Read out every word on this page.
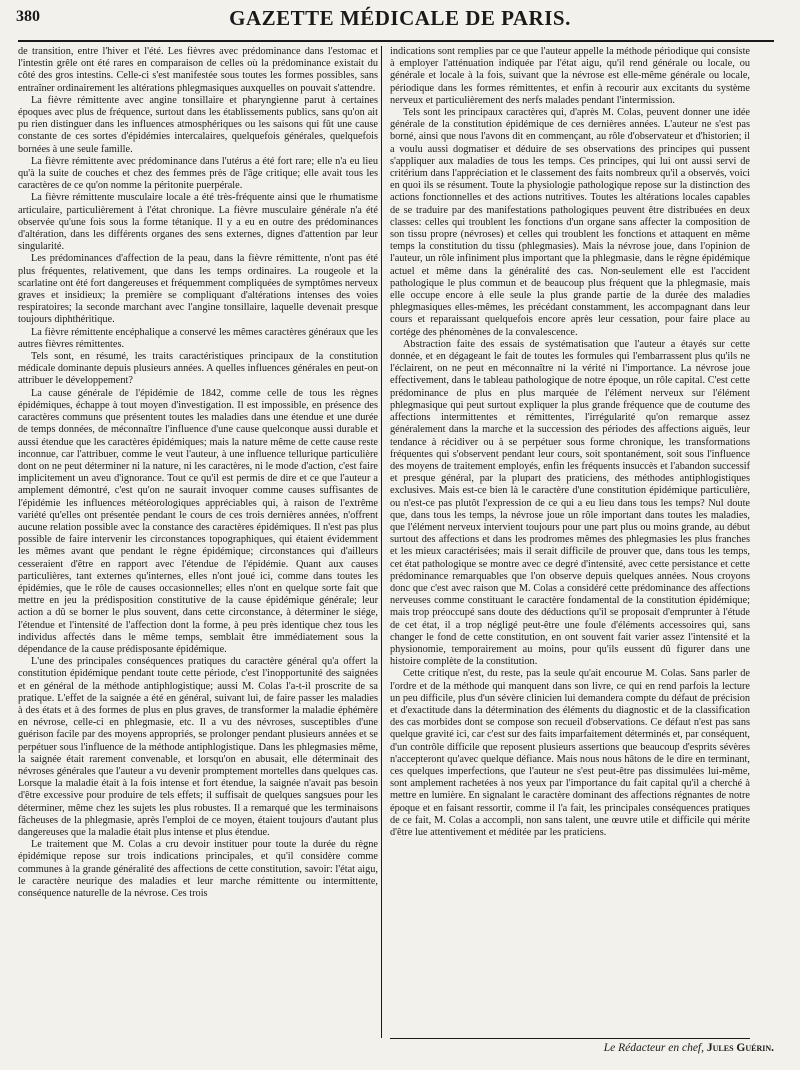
380	GAZETTE MÉDICALE DE PARIS.

de transition, entre l'hiver et l'été. Les fièvres avec prédominance dans l'estomac et l'intestin grêle ont été rares en comparaison de celles où la prédominance existait du côté des gros intestins. Celle-ci s'est manifestée sous toutes les formes possibles, sans entraîner ordinairement les altérations phlegmasiques auxquelles on pouvait s'attendre.

La fièvre rémittente avec angine tonsillaire et pharyngienne parut à certaines époques avec plus de fréquence, surtout dans les établissements publics, sans qu'on ait pu rien distinguer dans les influences atmosphériques ou les saisons qui fût une cause constante de ces sortes d'épidémies intercalaires, quelquefois générales, quelquefois bornées à une seule famille.

La fièvre rémittente avec prédominance dans l'utérus a été fort rare; elle n'a eu lieu qu'à la suite de couches et chez des femmes près de l'âge critique; elle avait tous les caractères de ce qu'on nomme la péritonite puerpérale.

La fièvre rémittente musculaire locale a été très-fréquente ainsi que le rhumatisme articulaire, particulièrement à l'état chronique. La fièvre musculaire générale n'a été observée qu'une fois sous la forme tétanique. Il y a eu en outre des prédominances d'altération, dans les différents organes des sens externes, dignes d'attention par leur singularité.

Les prédominances d'affection de la peau, dans la fièvre rémittente, n'ont pas été plus fréquentes, relativement, que dans les temps ordinaires. La rougeole et la scarlatine ont été fort dangereuses et fréquemment compliquées de symptômes nerveux graves et insidieux; la première se compliquant d'altérations intenses des voies respiratoires; la seconde marchant avec l'angine tonsillaire, laquelle devenait presque toujours diphthéritique.

La fièvre rémittente encéphalique a conservé les mêmes caractères généraux que les autres fièvres rémittentes.

Tels sont, en résumé, les traits caractéristiques principaux de la constitution médicale dominante depuis plusieurs années. A quelles influences générales en peut-on attribuer le développement?

La cause générale de l'épidémie de 1842, comme celle de tous les règnes épidémiques, échappe à tout moyen d'investigation. Il est impossible, en présence des caractères communs que présentent toutes les maladies dans une étendue et une durée de temps données, de méconnaître l'influence d'une cause quelconque aussi durable et aussi étendue que les caractères épidémiques; mais la nature même de cette cause reste inconnue, car l'attribuer, comme le veut l'auteur, à une influence tellurique particulière dont on ne peut déterminer ni la nature, ni les caractères, ni le mode d'action, c'est faire implicitement un aveu d'ignorance. Tout ce qu'il est permis de dire et ce que l'auteur a amplement démontré, c'est qu'on ne saurait invoquer comme causes suffisantes de l'épidémie les influences météorologiques appréciables qui, à raison de l'extrême variété qu'elles ont présentée pendant le cours de ces trois dernières années, n'offrent aucune relation possible avec la constance des caractères épidémiques. Il n'est pas plus possible de faire intervenir les circonstances topographiques, qui étaient évidemment les mêmes avant que pendant le règne épidémique; circonstances qui d'ailleurs cesseraient d'être en rapport avec l'étendue de l'épidémie. Quant aux causes particulières, tant externes qu'internes, elles n'ont joué ici, comme dans toutes les épidémies, que le rôle de causes occasionnelles; elles n'ont en quelque sorte fait que mettre en jeu la prédisposition constitutive de la cause épidémique générale; leur action a dû se borner le plus souvent, dans cette circonstance, à déterminer le siége, l'étendue et l'intensité de l'affection dont la forme, à peu près identique chez tous les individus affectés dans le même temps, semblait être immédiatement sous la dépendance de la cause prédisposante épidémique.

L'une des principales conséquences pratiques du caractère général qu'a offert la constitution épidémique pendant toute cette période, c'est l'inopportunité des saignées et en général de la méthode antiphlogistique; aussi M. Colas l'a-t-il proscrite de sa pratique. L'effet de la saignée a été en général, suivant lui, de faire passer les maladies à des états et à des formes de plus en plus graves, de transformer la maladie éphémère en névrose, celle-ci en phlegmasie, etc. Il a vu des névroses, susceptibles d'une guérison facile par des moyens appropriés, se prolonger pendant plusieurs années et se perpétuer sous l'influence de la méthode antiphlogistique. Dans les phlegmasies même, la saignée était rarement convenable, et lorsqu'on en abusait, elle déterminait des névroses générales que l'auteur a vu devenir promptement mortelles dans quelques cas. Lorsque la maladie était à la fois intense et fort étendue, la saignée n'avait pas besoin d'être excessive pour produire de tels effets; il suffisait de quelques sangsues pour les déterminer, même chez les sujets les plus robustes. Il a remarqué que les terminaisons fâcheuses de la phlegmasie, après l'emploi de ce moyen, étaient toujours d'autant plus dangereuses que la maladie était plus intense et plus étendue.

Le traitement que M. Colas a cru devoir instituer pour toute la durée du règne épidémique repose sur trois indications principales, et qu'il considère comme communes à la grande généralité des affections de cette constitution, savoir: l'état aigu, le caractère neurique des maladies et leur marche rémittente ou intermittente, conséquence naturelle de la névrose. Ces trois

indications sont remplies par ce que l'auteur appelle la méthode périodique qui consiste à employer l'atténuation indiquée par l'état aigu, qu'il rend générale ou locale, ou générale et locale à la fois, suivant que la névrose est elle-même générale ou locale, périodique dans les formes rémittentes, et enfin à recourir aux excitants du système nerveux et particulièrement des nerfs malades pendant l'intermission.

Tels sont les principaux caractères qui, d'après M. Colas, peuvent donner une idée générale de la constitution épidémique de ces dernières années. L'auteur ne s'est pas borné, ainsi que nous l'avons dit en commençant, au rôle d'observateur et d'historien; il a voulu aussi dogmatiser et déduire de ses observations des principes qui pussent s'appliquer aux maladies de tous les temps. Ces principes, qui lui ont aussi servi de critérium dans l'appréciation et le classement des faits nombreux qu'il a observés, voici en quoi ils se résument. Toute la physiologie pathologique repose sur la distinction des actions fonctionnelles et des actions nutritives. Toutes les altérations locales capables de se traduire par des manifestations pathologiques peuvent être distribuées en deux classes: celles qui troublent les fonctions d'un organe sans affecter la composition de son tissu propre (névroses) et celles qui troublent les fonctions et attaquent en même temps la constitution du tissu (phlegmasies). Mais la névrose joue, dans l'opinion de l'auteur, un rôle infiniment plus important que la phlegmasie, dans le règne épidémique actuel et même dans la généralité des cas. Non-seulement elle est l'accident pathologique le plus commun et de beaucoup plus fréquent que la phlegmasie, mais elle occupe encore à elle seule la plus grande partie de la durée des maladies phlegmasiques elles-mêmes, les précédant constamment, les accompagnant dans leur cours et reparaissant quelquefois encore après leur cessation, pour faire place au cortége des phénomènes de la convalescence.

Abstraction faite des essais de systématisation que l'auteur a étayés sur cette donnée, et en dégageant le fait de toutes les formules qui l'embarrassent plus qu'ils ne l'éclairent, on ne peut en méconnaître ni la vérité ni l'importance. La névrose joue effectivement, dans le tableau pathologique de notre époque, un rôle capital. C'est cette prédominance de plus en plus marquée de l'élément nerveux sur l'élément phlegmasique qui peut surtout expliquer la plus grande fréquence que de coutume des affections intermittentes et rémittentes, l'irrégularité qu'on remarque assez généralement dans la marche et la succession des périodes des affections aiguës, leur tendance à récidiver ou à se perpétuer sous forme chronique, les transformations fréquentes qui s'observent pendant leur cours, soit spontanément, soit sous l'influence des moyens de traitement employés, enfin les fréquents insuccès et l'abandon successif et presque général, par la plupart des praticiens, des méthodes antiphlogistiques exclusives. Mais est-ce bien là le caractère d'une constitution épidémique particulière, ou n'est-ce pas plutôt l'expression de ce qui a eu lieu dans tous les temps? Nul doute que, dans tous les temps, la névrose joue un rôle important dans toutes les maladies, que l'élément nerveux intervient toujours pour une part plus ou moins grande, au début surtout des affections et dans les prodromes mêmes des phlegmasies les plus franches et les mieux caractérisées; mais il serait difficile de prouver que, dans tous les temps, cet état pathologique se montre avec ce degré d'intensité, avec cette persistance et cette prédominance remarquables que l'on observe depuis quelques années. Nous croyons donc que c'est avec raison que M. Colas a considéré cette prédominance des affections nerveuses comme constituant le caractère fondamental de la constitution épidémique; mais trop préoccupé sans doute des déductions qu'il se proposait d'emprunter à l'étude de cet état, il a trop négligé peut-être une foule d'éléments accessoires qui, sans changer le fond de cette constitution, en ont souvent fait varier assez l'intensité et la physionomie, temporairement au moins, pour qu'ils eussent dû figurer dans une histoire complète de la constitution.

Cette critique n'est, du reste, pas la seule qu'ait encourue M. Colas. Sans parler de l'ordre et de la méthode qui manquent dans son livre, ce qui en rend parfois la lecture un peu difficile, plus d'un sévère clinicien lui demandera compte du défaut de précision et d'exactitude dans la détermination des éléments du diagnostic et de la classification des cas morbides dont se compose son recueil d'observations. Ce défaut n'est pas sans quelque gravité ici, car c'est sur des faits imparfaitement déterminés et, par conséquent, d'un contrôle difficile que reposent plusieurs assertions que beaucoup d'esprits sévères n'accepteront qu'avec quelque défiance. Mais nous nous hâtons de le dire en terminant, ces quelques imperfections, que l'auteur ne s'est peut-être pas dissimulées lui-même, sont amplement rachetées à nos yeux par l'importance du fait capital qu'il a cherché à mettre en lumière. En signalant le caractère dominant des affections régnantes de notre époque et en faisant ressortir, comme il l'a fait, les principales conséquences pratiques de ce fait, M. Colas a accompli, non sans talent, une œuvre utile et difficile qui mérite d'être lue attentivement et méditée par les praticiens.

Le Rédacteur en chef, Jules Guérin.
